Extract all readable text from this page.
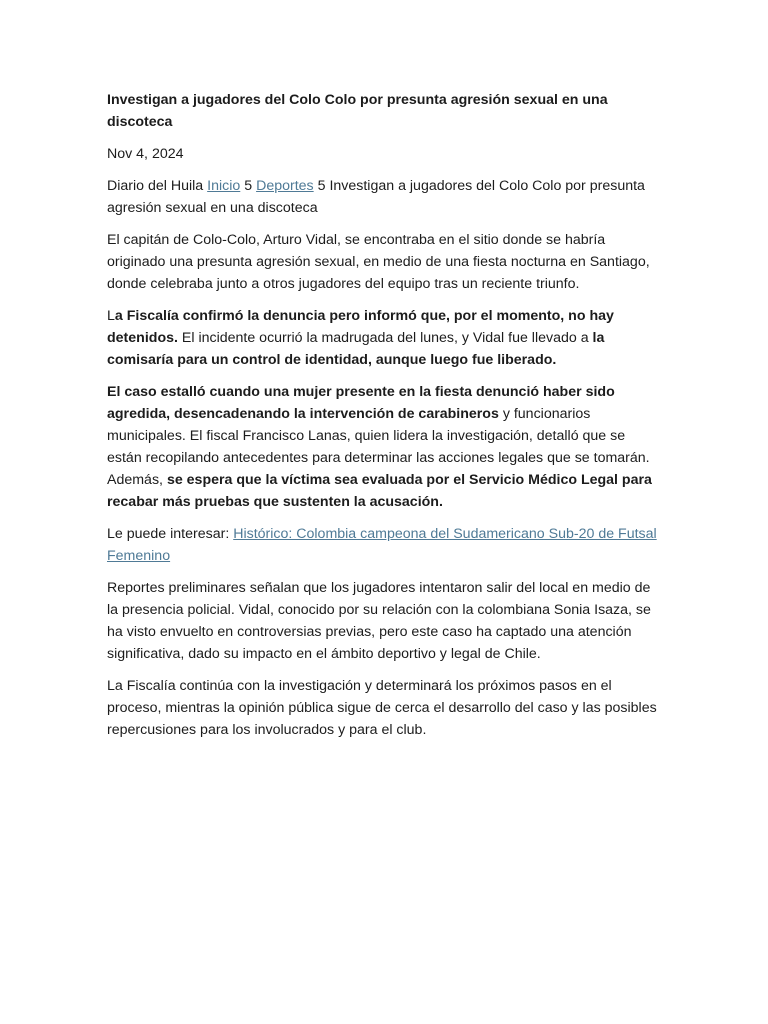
Investigan a jugadores del Colo Colo por presunta agresión sexual en una discoteca

Nov 4, 2024

Diario del Huila Inicio 5 Deportes 5 Investigan a jugadores del Colo Colo por presunta agresión sexual en una discoteca

El capitán de Colo-Colo, Arturo Vidal, se encontraba en el sitio donde se habría originado una presunta agresión sexual, en medio de una fiesta nocturna en Santiago, donde celebraba junto a otros jugadores del equipo tras un reciente triunfo.

La Fiscalía confirmó la denuncia pero informó que, por el momento, no hay detenidos. El incidente ocurrió la madrugada del lunes, y Vidal fue llevado a la comisaría para un control de identidad, aunque luego fue liberado.

El caso estalló cuando una mujer presente en la fiesta denunció haber sido agredida, desencadenando la intervención de carabineros y funcionarios municipales. El fiscal Francisco Lanas, quien lidera la investigación, detalló que se están recopilando antecedentes para determinar las acciones legales que se tomarán. Además, se espera que la víctima sea evaluada por el Servicio Médico Legal para recabar más pruebas que sustenten la acusación.

Le puede interesar: Histórico: Colombia campeona del Sudamericano Sub-20 de Futsal Femenino

Reportes preliminares señalan que los jugadores intentaron salir del local en medio de la presencia policial. Vidal, conocido por su relación con la colombiana Sonia Isaza, se ha visto envuelto en controversias previas, pero este caso ha captado una atención significativa, dado su impacto en el ámbito deportivo y legal de Chile.

La Fiscalía continúa con la investigación y determinará los próximos pasos en el proceso, mientras la opinión pública sigue de cerca el desarrollo del caso y las posibles repercusiones para los involucrados y para el club.
